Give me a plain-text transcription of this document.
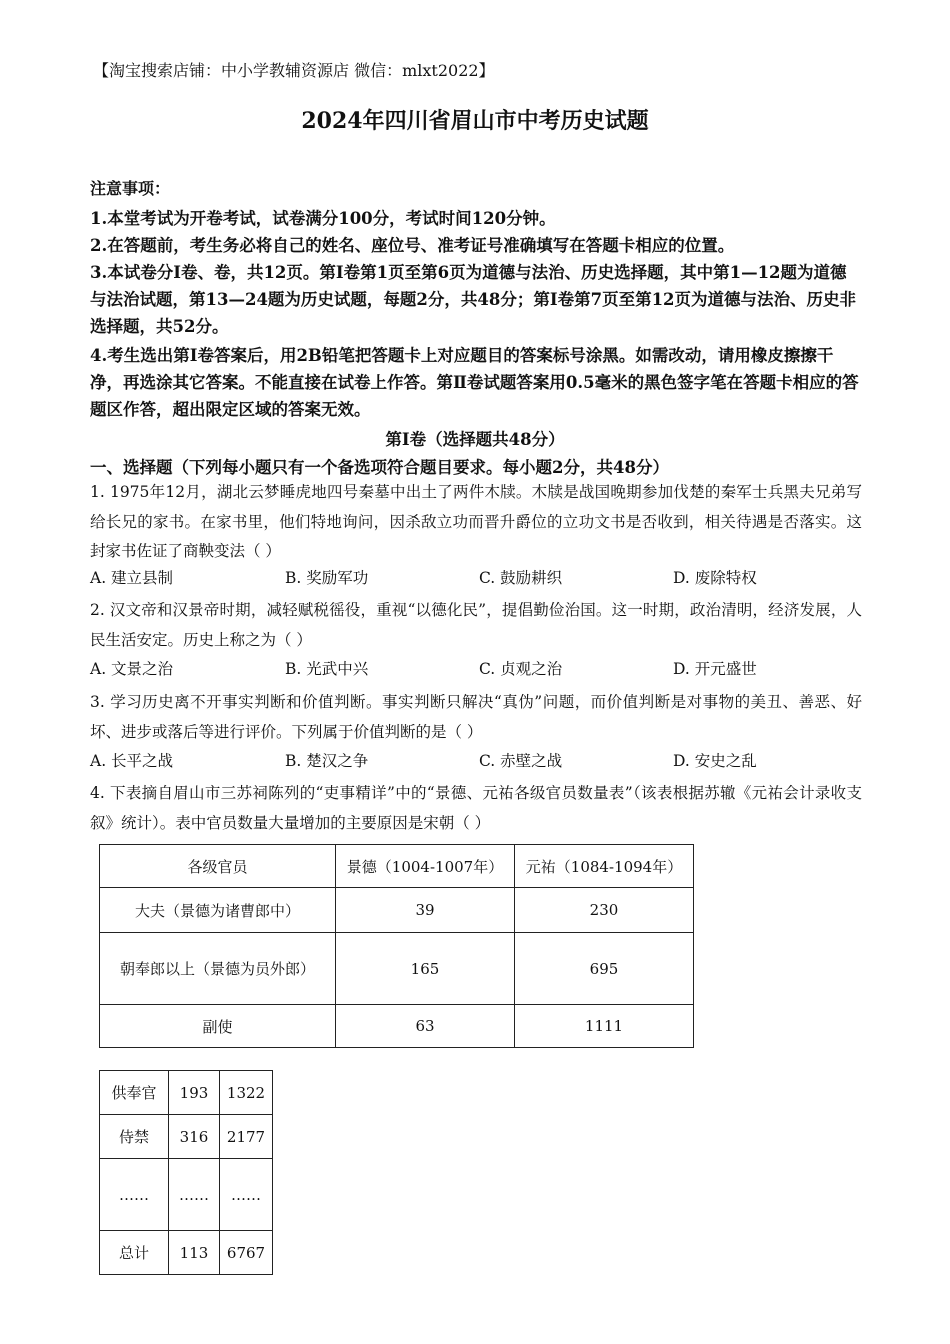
【淘宝搜索店铺：中小学教辅资源店 微信：mlxt2022】
2024年四川省眉山市中考历史试题
注意事项：
1.本堂考试为开卷考试，试卷满分100分，考试时间120分钟。
2.在答题前，考生务必将自己的姓名、座位号、准考证号准确填写在答题卡相应的位置。
3.本试卷分I卷、卷，共12页。第I卷第1页至第6页为道德与法治、历史选择题，其中第1—12题为道德与法治试题，第13—24题为历史试题，每题2分，共48分；第I卷第7页至第12页为道德与法治、历史非选择题，共52分。
4.考生选出第I卷答案后，用2B铅笔把答题卡上对应题目的答案标号涂黑。如需改动，请用橡皮擦擦干净，再选涂其它答案。不能直接在试卷上作答。第Ⅱ卷试题答案用0.5毫米的黑色签字笔在答题卡相应的答题区作答，超出限定区域的答案无效。
第I卷（选择题共48分）
一、选择题（下列每小题只有一个备选项符合题目要求。每小题2分，共48分）
1. 1975年12月，湖北云梦睡虎地四号秦墓中出土了两件木牍。木牍是战国晚期参加伐楚的秦军士兵黑夫兄弟写给长兄的家书。在家书里，他们特地询问，因杀敌立功而晋升爵位的立功文书是否收到，相关待遇是否落实。这封家书佐证了商鞅变法（ ）
A. 建立县制	B. 奖励军功	C. 鼓励耕织	D. 废除特权
2. 汉文帝和汉景帝时期，减轻赋税徭役，重视“以德化民”，提倡勤俭治国。这一时期，政治清明，经济发展，人民生活安定。历史上称之为（ ）
A. 文景之治	B. 光武中兴	C. 贞观之治	D. 开元盛世
3. 学习历史离不开事实判断和价值判断。事实判断只解决“真伪”问题，而价值判断是对事物的美丑、善恶、好坏、进步或落后等进行评价。下列属于价值判断的是（ ）
A. 长平之战	B. 楚汉之争	C. 赤壁之战	D. 安史之乱
4. 下表摘自眉山市三苏祠陈列的“吏事精详”中的“景德、元祐各级官员数量表”（该表根据苏辙《元祐会计录收支叙》统计）。表中官员数量大量增加的主要原因是宋朝（ ）
各级官员	景德（1004-1007年）	元祐（1084-1094年）
大夫（景德为诸曹郎中）	39	230
朝奉郎以上（景德为员外郎）	165	695
副使	63	1111
供奉官	193	1322
侍禁	316	2177
……	……	……
总计	113	6767
